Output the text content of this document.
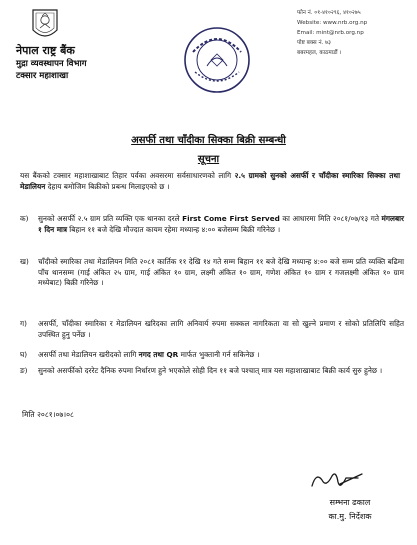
नेपाल राष्ट्र बैंक
मुद्रा व्यवस्थापन विभाग
टक्सार महाशाखा
फोन नं. ०१-४१०२९६, ४१०२७५
Website: www.nrb.org.np
Email: mint@nrb.org.np
पोष्ट बक्स नं. ७३
बबरमहल, काठमाडौं ।
असर्फी तथा चाँदीका सिक्का बिक्री सम्बन्धी
सूचना
यस बैंकको टक्सार महाशाखाबाट तिहार पर्वका अवसरमा सर्वसाधारणको लागि २.५ ग्रामको सुनको असर्फी र चाँदीका स्मारिका सिक्का तथा मेडालियन देहाय बमोजिम बिक्रीको प्रबन्ध मिलाइएको छ ।
क)	सुनको असर्फी २.५ ग्राम प्रति व्यक्ति एक थानका दरले First Come First Served का आधारमा मिति २०८१/०७/१३ गते मंगलबार १ दिन मात्र बिहान ११ बजे देखि मौज्दात कायम रहेमा मध्यान्ह ४:०० बजेसम्म बिक्री गरिनेछ ।
ख)	चाँदीको स्मारिका तथा मेडालियन मिति २०८१ कार्तिक ११ देखि १४ गते सम्म बिहान ११ बजे देखि मध्यान्ह ४:०० बजे सम्म प्रति व्यक्ति बढिमा पाँच थानसम्म (गाई अंकित २५ ग्राम, गाई अंकित १० ग्राम, लक्ष्मी अंकित १० ग्राम, गणेश अंकित १० ग्राम र गजलक्ष्मी अंकित १० ग्राम मध्येबाट) बिक्री गरिनेछ ।
ग)	असर्फी, चाँदीका स्मारिका र मेडालियन खरिदका लागि अनिवार्य रुपमा सक्कल नागरिकता वा सो खुल्ने प्रमाण र सोको प्रतिलिपि सहित उपस्थित हुनु पर्नेछ ।
घ)	असर्फी तथा मेडालियन खरीदको लागि नगद तथा QR मार्फत भुक्तानी गर्न सकिनेछ ।
ङ)	सुनको असर्फीको दररेट दैनिक रुपमा निर्धारण हुने भएकोले सोही दिन ११ बजे पश्चात् मात्र यस महाशाखाबाट बिक्री कार्य सुरु हुनेछ ।
मिति २०८१।०७।०८
सम्भना ढकाल
का.मु. निर्देशक
